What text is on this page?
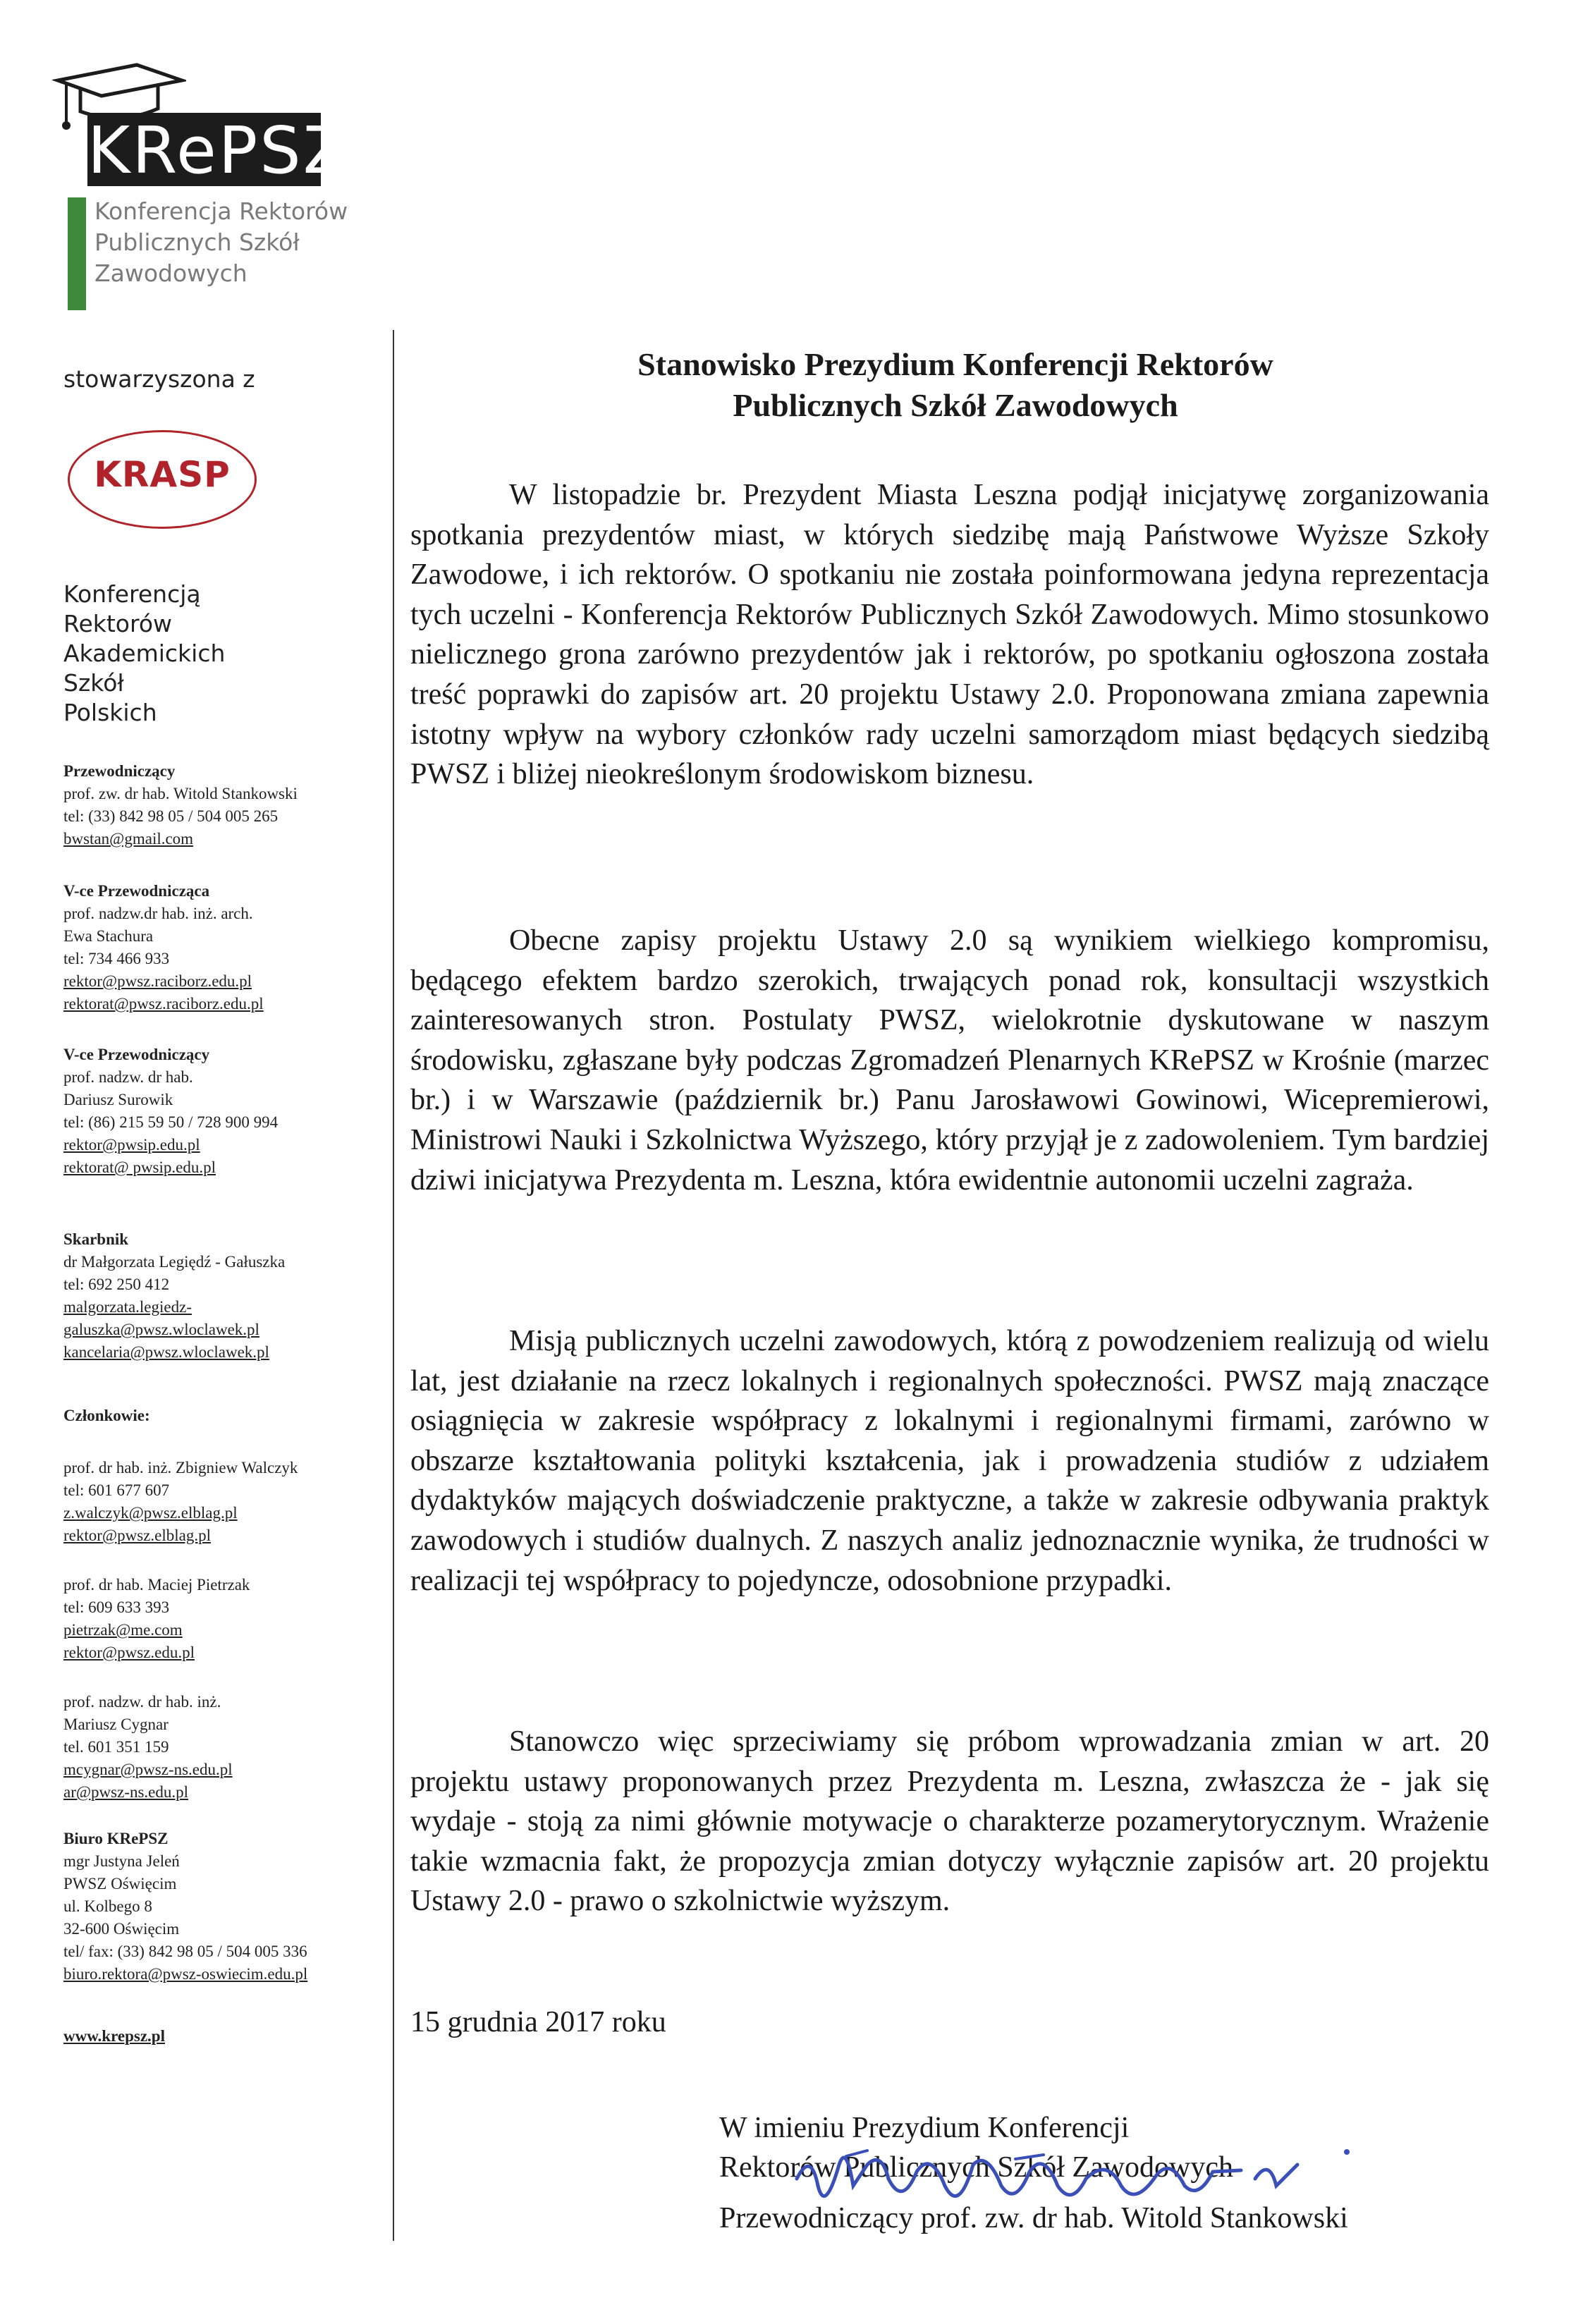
KRePSZ
Konferencja Rektorów
Publicznych Szkół
Zawodowych
stowarzyszona z
KRASP
Konferencją
Rektorów
Akademickich
Szkół
Polskich
Przewodniczący
prof. zw. dr hab. Witold Stankowski
tel: (33) 842 98 05 / 504 005 265
bwstan@gmail.com
V-ce Przewodnicząca
prof. nadzw.dr hab. inż. arch.
Ewa Stachura
tel: 734 466 933
rektor@pwsz.raciborz.edu.pl
rektorat@pwsz.raciborz.edu.pl
V-ce Przewodniczący
prof. nadzw. dr hab.
Dariusz Surowik
tel: (86) 215 59 50 / 728 900 994
rektor@pwsip.edu.pl
rektorat@ pwsip.edu.pl
Skarbnik
dr Małgorzata Legiędź - Gałuszka
tel: 692 250 412
malgorzata.legiedz-
galuszka@pwsz.wloclawek.pl
kancelaria@pwsz.wloclawek.pl
Członkowie:
prof. dr hab. inż. Zbigniew Walczyk
tel: 601 677 607
z.walczyk@pwsz.elblag.pl
rektor@pwsz.elblag.pl
prof. dr hab. Maciej Pietrzak
tel: 609 633 393
pietrzak@me.com
rektor@pwsz.edu.pl
prof. nadzw. dr hab. inż.
Mariusz Cygnar
tel. 601 351 159
mcygnar@pwsz-ns.edu.pl
ar@pwsz-ns.edu.pl
Biuro KRePSZ
mgr Justyna Jeleń
PWSZ Oświęcim
ul. Kolbego 8
32-600 Oświęcim
tel/ fax: (33) 842 98 05 / 504 005 336
biuro.rektora@pwsz-oswiecim.edu.pl
www.krepsz.pl
Stanowisko Prezydium Konferencji Rektorów
Publicznych Szkół Zawodowych
W listopadzie br. Prezydent Miasta Leszna podjął inicjatywę zorganizowania spotkania prezydentów miast, w których siedzibę mają Państwowe Wyższe Szkoły Zawodowe, i ich rektorów. O spotkaniu nie została poinformowana jedyna reprezentacja tych uczelni - Konferencja Rektorów Publicznych Szkół Zawodowych. Mimo stosunkowo nielicznego grona zarówno prezydentów jak i rektorów, po spotkaniu ogłoszona została treść poprawki do zapisów art. 20 projektu Ustawy 2.0. Proponowana zmiana zapewnia istotny wpływ na wybory członków rady uczelni samorządom miast będących siedzibą PWSZ i bliżej nieokreślonym środowiskom biznesu.
Obecne zapisy projektu Ustawy 2.0 są wynikiem wielkiego kompromisu, będącego efektem bardzo szerokich, trwających ponad rok, konsultacji wszystkich zainteresowanych stron. Postulaty PWSZ, wielokrotnie dyskutowane w naszym środowisku, zgłaszane były podczas Zgromadzeń Plenarnych KRePSZ w Krośnie (marzec br.) i w Warszawie (październik br.) Panu Jarosławowi Gowinowi, Wicepremierowi, Ministrowi Nauki i Szkolnictwa Wyższego, który przyjął je z zadowoleniem. Tym bardziej dziwi inicjatywa Prezydenta m. Leszna, która ewidentnie autonomii uczelni zagraża.
Misją publicznych uczelni zawodowych, którą z powodzeniem realizują od wielu lat, jest działanie na rzecz lokalnych i regionalnych społeczności. PWSZ mają znaczące osiągnięcia w zakresie współpracy z lokalnymi i regionalnymi firmami, zarówno w obszarze kształtowania polityki kształcenia, jak i prowadzenia studiów z udziałem dydaktyków mających doświadczenie praktyczne, a także w zakresie odbywania praktyk zawodowych i studiów dualnych. Z naszych analiz jednoznacznie wynika, że trudności w realizacji tej współpracy to pojedyncze, odosobnione przypadki.
Stanowczo więc sprzeciwiamy się próbom wprowadzania zmian w art. 20 projektu ustawy proponowanych przez Prezydenta m. Leszna, zwłaszcza że - jak się wydaje - stoją za nimi głównie motywacje o charakterze pozamerytorycznym. Wrażenie takie wzmacnia fakt, że propozycja zmian dotyczy wyłącznie zapisów art. 20 projektu Ustawy 2.0 - prawo o szkolnictwie wyższym.
15 grudnia 2017 roku
W imieniu Prezydium Konferencji
Rektorów Publicznych Szkół Zawodowych
Przewodniczący prof. zw. dr hab. Witold Stankowski
